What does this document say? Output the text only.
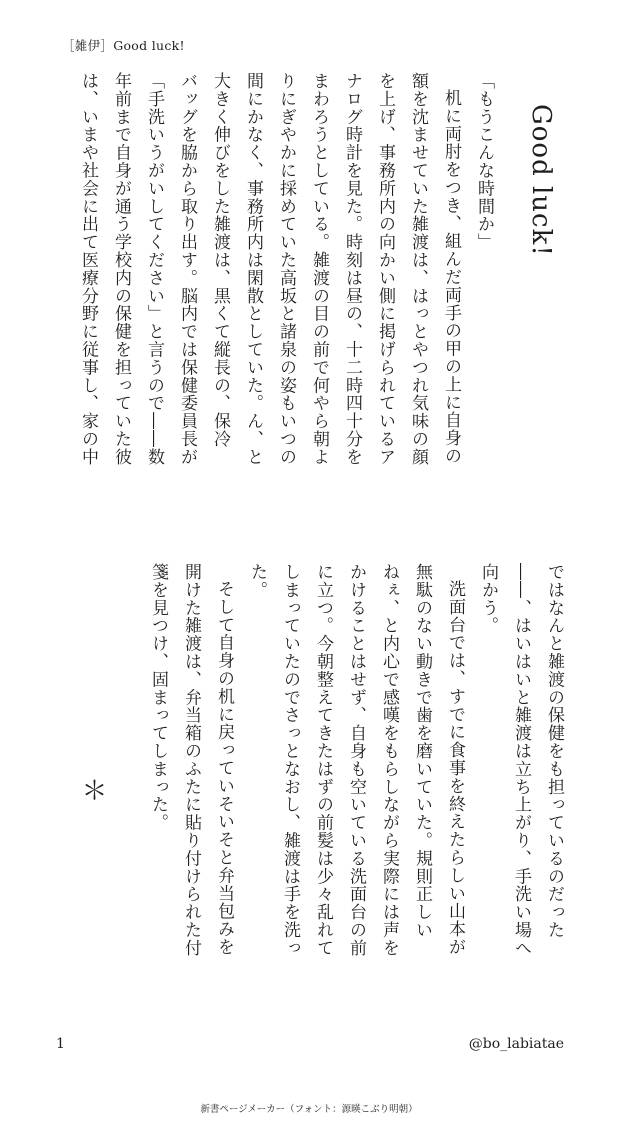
［雑伊］Good luck!
Good luck!

「もうこんな時間か」

机に両肘をつき、組んだ両手の甲の上に自身の

額を沈ませていた雑渡は、はっとやつれ気味の顔

を上げ、事務所内の向かい側に掲げられているア

ナログ時計を見た。時刻は昼の、十二時四十分を

まわろうとしている。雑渡の目の前で何やら朝よ

りにぎやかに採めていた高坂と諸泉の姿もいつの

間にかなく、事務所内は閑散としていた。ん、と

大きく伸びをした雑渡は、黒くて縦長の、保冷

バッグを脇から取り出す。脳内では保健委員長が

「手洗いうがいしてください」と言うので――数

年前まで自身が通う学校内の保健を担っていた彼

は、いまや社会に出て医療分野に従事し、家の中

ではなんと雑渡の保健をも担っているのだった

――、はいはいと雑渡は立ち上がり、手洗い場へ

向かう。

洗面台では、すでに食事を終えたらしい山本が

無駄のない動きで歯を磨いていた。規則正しい

ねぇ、と内心で感嘆をもらしながら実際には声を

かけることはせず、自身も空いている洗面台の前

に立つ。今朝整えてきたはずの前髪は少々乱れて

しまっていたのでさっとなおし、雑渡は手を洗っ

た。

そして自身の机に戻っていそいそと弁当包みを

開けた雑渡は、弁当箱のふたに貼り付けられた付

箋を見つけ、固まってしまった。

＊

1	@bo_labiatae
新書ページメーカー（フォント：源暎こぶり明朝）
